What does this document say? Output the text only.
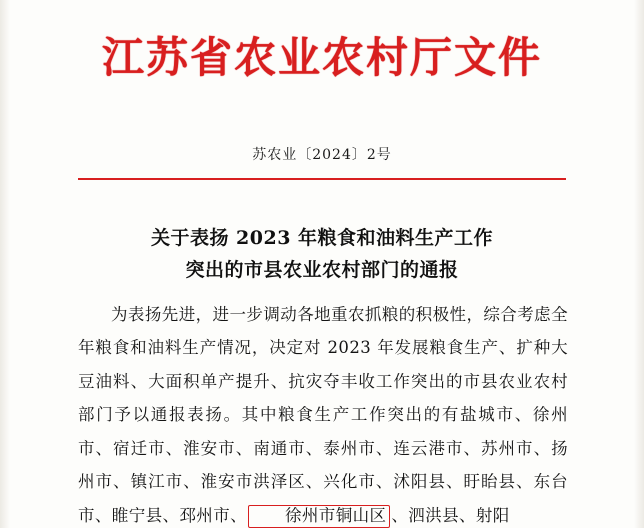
江苏省农业农村厅文件
苏农业〔2024〕2号
关于表扬 2023 年粮食和油料生产工作
突出的市县农业农村部门的通报

为表扬先进，进一步调动各地重农抓粮的积极性，综合考虑全年粮食和油料生产情况，决定对 2023 年发展粮食生产、扩种大豆油料、大面积单产提升、抗灾夺丰收工作突出的市县农业农村部门予以通报表扬。其中粮食生产工作突出的有盐城市、徐州市、宿迁市、淮安市、南通市、泰州市、连云港市、苏州市、扬州市、镇江市、淮安市洪泽区、兴化市、沭阳县、盱眙县、东台市、睢宁县、邳州市、 徐州市铜山区 、泗洪县、射阳
